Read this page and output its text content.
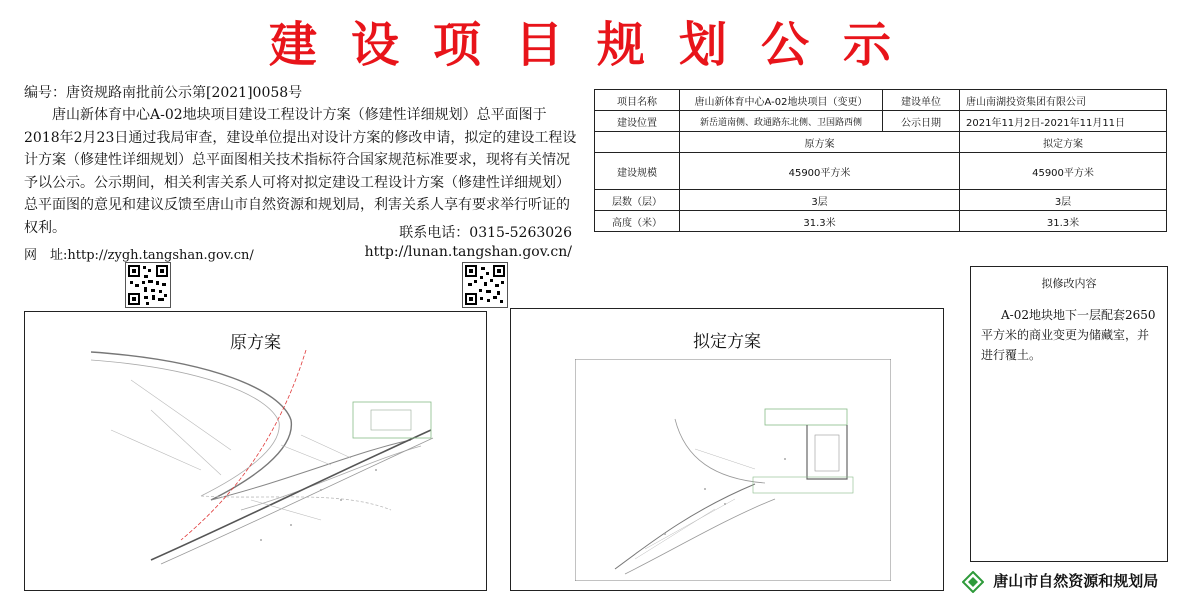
建设项目规划公示
编号：唐资规路南批前公示第[2021]0058号
唐山新体育中心A-02地块项目建设工程设计方案（修建性详细规划）总平面图于2018年2月23日通过我局审查，建设单位提出对设计方案的修改申请，拟定的建设工程设计方案（修建性详细规划）总平面图相关技术指标符合国家规范标准要求，现将有关情况予以公示。公示期间，相关利害关系人可将对拟定建设工程设计方案（修建性详细规划）总平面图的意见和建议反馈至唐山市自然资源和规划局，利害关系人享有要求举行听证的权利。	联系电话：0315-5263026
网　址:http://zygh.tangshan.gov.cn/	http://lunan.tangshan.gov.cn/
项目名称	唐山新体育中心A-02地块项目（变更）	建设单位	唐山南湖投资集团有限公司
建设位置	新岳道南侧、政通路东北侧、卫国路西侧	公示日期	2021年11月2日-2021年11月11日
	原方案		拟定方案
建设规模	45900平方米		45900平方米
层数（层）	3层		3层
高度（米）	31.3米		31.3米
原方案	拟定方案
拟修改内容
A-02地块地下一层配套2650平方米的商业变更为储藏室，并进行覆土。
唐山市自然资源和规划局
